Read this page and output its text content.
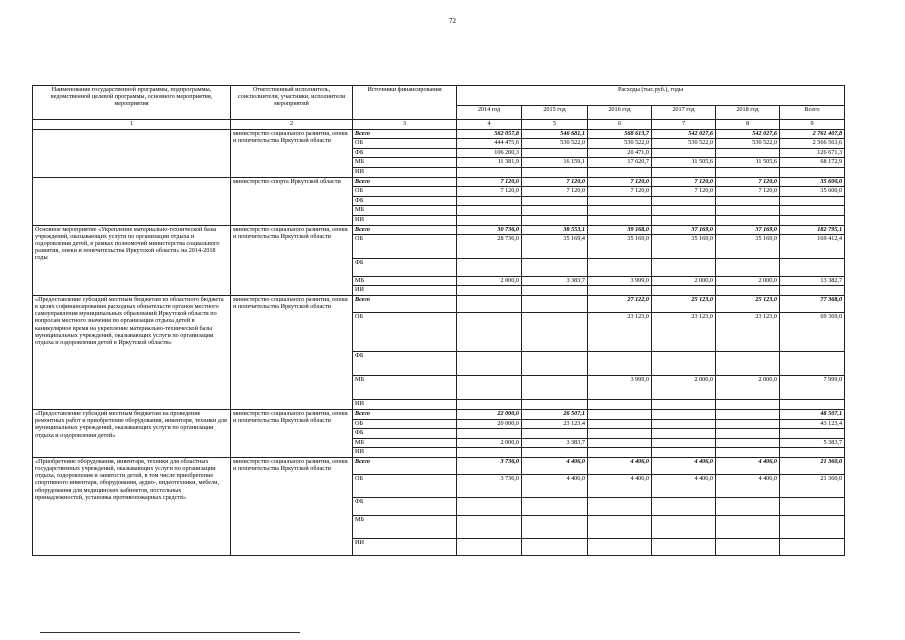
72
Наименование государственной программы, подпрограммы, ведомственной целевой программы, основного мероприятия, мероприятия	Ответственный исполнитель, соисполнители, участники, исполнители мероприятий	Источники финансирования	Расходы (тыс.руб.), годы					
			2014 год	2015 год	2016 год	2017 год	2018 год	Всего
1	2	3	4	5	6	7	8	9
	министерство социального развития, опеки и попечительства Иркутской области	Всего	562 057,8	546 681,1	568 613,7	542 027,6	542 027,6	2 761 407,8
		ОБ	444 475,6	530 522,0	530 522,0	530 522,0	530 522,0	2 566 563,6
		ФБ	106 200,3		20 471,0			126 671,3
		МБ	11 381,9	16 159,1	17 620,7	11 505,6	11 505,6	68 172,9
		ИИ						
	министерство спорта Иркутской области	Всего	7 120,0	7 120,0	7 120,0	7 120,0	7 120,0	35 600,0
		ОБ	7 120,0	7 120,0	7 120,0	7 120,0	7 120,0	35 600,0
		ФБ						
		МБ						
		ИИ						
Основное мероприятие «Укрепление материально-технической базы учреждений, оказывающих услуги по организации отдыха и оздоровления детей, в рамках полномочий министерства социального развития, опеки и попечительства Иркутской области» на 2014-2018 годы	министерство социального развития, опеки и попечительства Иркутской области	Всего	30 736,0	38 553,1	39 168,0	37 169,0	37 169,0	182 795,1
		ОБ	28 736,0	35 169,4	35 169,0	35 169,0	35 169,0	169 412,4
		ФБ						
		МБ	2 000,0	3 383,7	3 999,0	2 000,0	2 000,0	13 382,7
		ИИ						
«Предоставление субсидий местным бюджетам из областного бюджета в целях софинансирования расходных обязательств органов местного самоуправления муниципальных образований Иркутской области по вопросам местного значения по организации отдыха детей в каникулярное время на укрепление материально-технической базы муниципальных учреждений, оказывающих услуги по организации отдыха и оздоровления детей в Иркутской области»	министерство социального развития, опеки и попечительства Иркутской области	Всего			27 122,0	25 123,0	25 123,0	77 368,0
		ОБ			23 123,0	23 123,0	23 123,0	69 369,0
		ФБ						
		МБ			3 999,0	2 000,0	2 000,0	7 999,0
		ИИ						
«Предоставление субсидий местным бюджетам на проведение ремонтных работ и приобретение оборудования, инвентаря, техники для муниципальных учреждений, оказывающих услуги по организации отдыха и оздоровления детей»	министерство социального развития, опеки и попечительства Иркутской области	Всего	22 000,0	26 507,1				48 507,1
		ОБ	20 000,0	23 123,4				43 123,4
		ФБ						
		МБ	2 000,0	3 383,7				5 383,7
		ИИ						
«Приобретение оборудования, инвентаря, техники для областных государственных учреждений, оказывающих услуги по организации отдыха, оздоровления и занятости детей, в том числе приобретение спортивного инвентаря, оборудования, аудио-, видеотехники, мебели, оборудования для медицинских кабинетов, постельных принадлежностей, установка противопожарных средств»	министерство социального развития, опеки и попечительства Иркутской области	Всего	3 736,0	4 406,0	4 406,0	4 406,0	4 406,0	21 360,0
		ОБ	3 736,0	4 406,0	4 406,0	4 406,0	4 406,0	21 360,0
		ФБ						
		МБ						
		ИИ						
